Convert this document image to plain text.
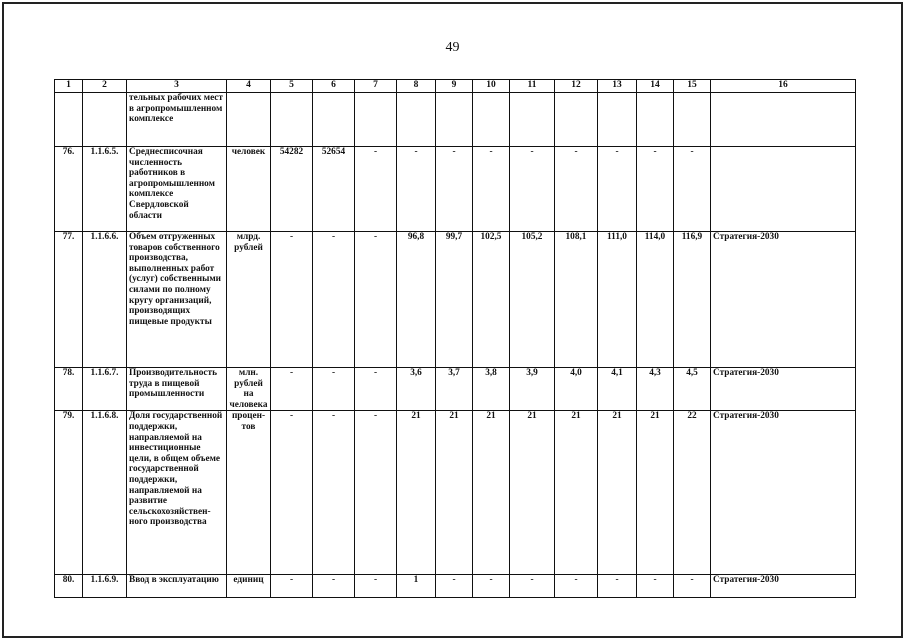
49
1	2	3	4	5	6	7	8	9	10	11	12	13	14	15	16
		тельных рабочих мест в агропромышленном комплексе													
76.	1.1.6.5.	Среднесписочная численность работников в агропромышленном комплексе Свердловской области	человек	54282	52654	-	-	-	-	-	-	-	-	-	
77.	1.1.6.6.	Объем отгруженных товаров собственного производства, выполненных работ (услуг) собственными силами по полному кругу организаций, производящих пищевые продукты	млрд. рублей	-	-	-	96,8	99,7	102,5	105,2	108,1	111,0	114,0	116,9	Стратегия-2030
78.	1.1.6.7.	Производительность труда в пищевой промышленности	млн. рублей на человека	-	-	-	3,6	3,7	3,8	3,9	4,0	4,1	4,3	4,5	Стратегия-2030
79.	1.1.6.8.	Доля государственной поддержки, направляемой на инвестиционные цели, в общем объеме государственной поддержки, направляемой на развитие сельскохозяйствен-ного производства	процен-тов	-	-	-	21	21	21	21	21	21	21	22	Стратегия-2030
80.	1.1.6.9.	Ввод в эксплуатацию	единиц	-	-	-	1	-	-	-	-	-	-	-	Стратегия-2030
